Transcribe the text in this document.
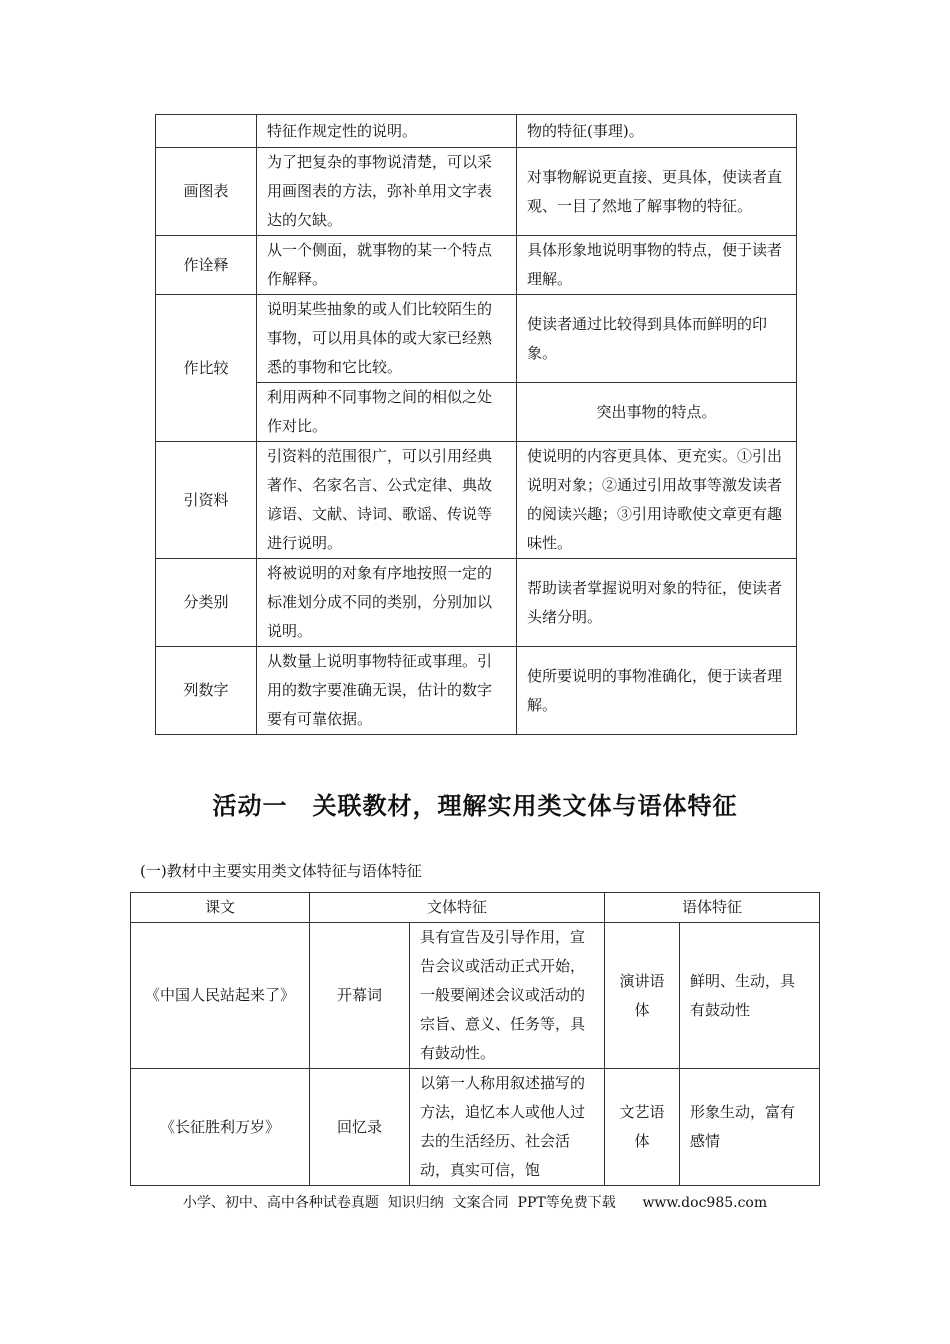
	特征作规定性的说明。	物的特征(事理)。
画图表	为了把复杂的事物说清楚，可以采用画图表的方法，弥补单用文字表达的欠缺。	对事物解说更直接、更具体，使读者直观、一目了然地了解事物的特征。
作诠释	从一个侧面，就事物的某一个特点作解释。	具体形象地说明事物的特点，便于读者理解。
作比较	说明某些抽象的或人们比较陌生的事物，可以用具体的或大家已经熟悉的事物和它比较。	使读者通过比较得到具体而鲜明的印象。
	利用两种不同事物之间的相似之处作对比。	突出事物的特点。
引资料	引资料的范围很广，可以引用经典著作、名家名言、公式定律、典故谚语、文献、诗词、歌谣、传说等进行说明。	使说明的内容更具体、更充实。①引出说明对象；②通过引用故事等激发读者的阅读兴趣；③引用诗歌使文章更有趣味性。
分类别	将被说明的对象有序地按照一定的标准划分成不同的类别，分别加以说明。	帮助读者掌握说明对象的特征，使读者头绪分明。
列数字	从数量上说明事物特征或事理。引用的数字要准确无误，估计的数字要有可靠依据。	使所要说明的事物准确化，便于读者理解。
活动一　关联教材，理解实用类文体与语体特征
(一)教材中主要实用类文体特征与语体特征
课文	文体特征		语体特征	
《中国人民站起来了》	开幕词	具有宣告及引导作用，宣告会议或活动正式开始，一般要阐述会议或活动的宗旨、意义、任务等，具有鼓动性。	演讲语体	鲜明、生动，具有鼓动性
《长征胜利万岁》	回忆录	以第一人称用叙述描写的方法，追忆本人或他人过去的生活经历、社会活动，真实可信，饱	文艺语体	形象生动，富有感情
小学、初中、高中各种试卷真题  知识归纳  文案合同  PPT等免费下载      www.doc985.com
